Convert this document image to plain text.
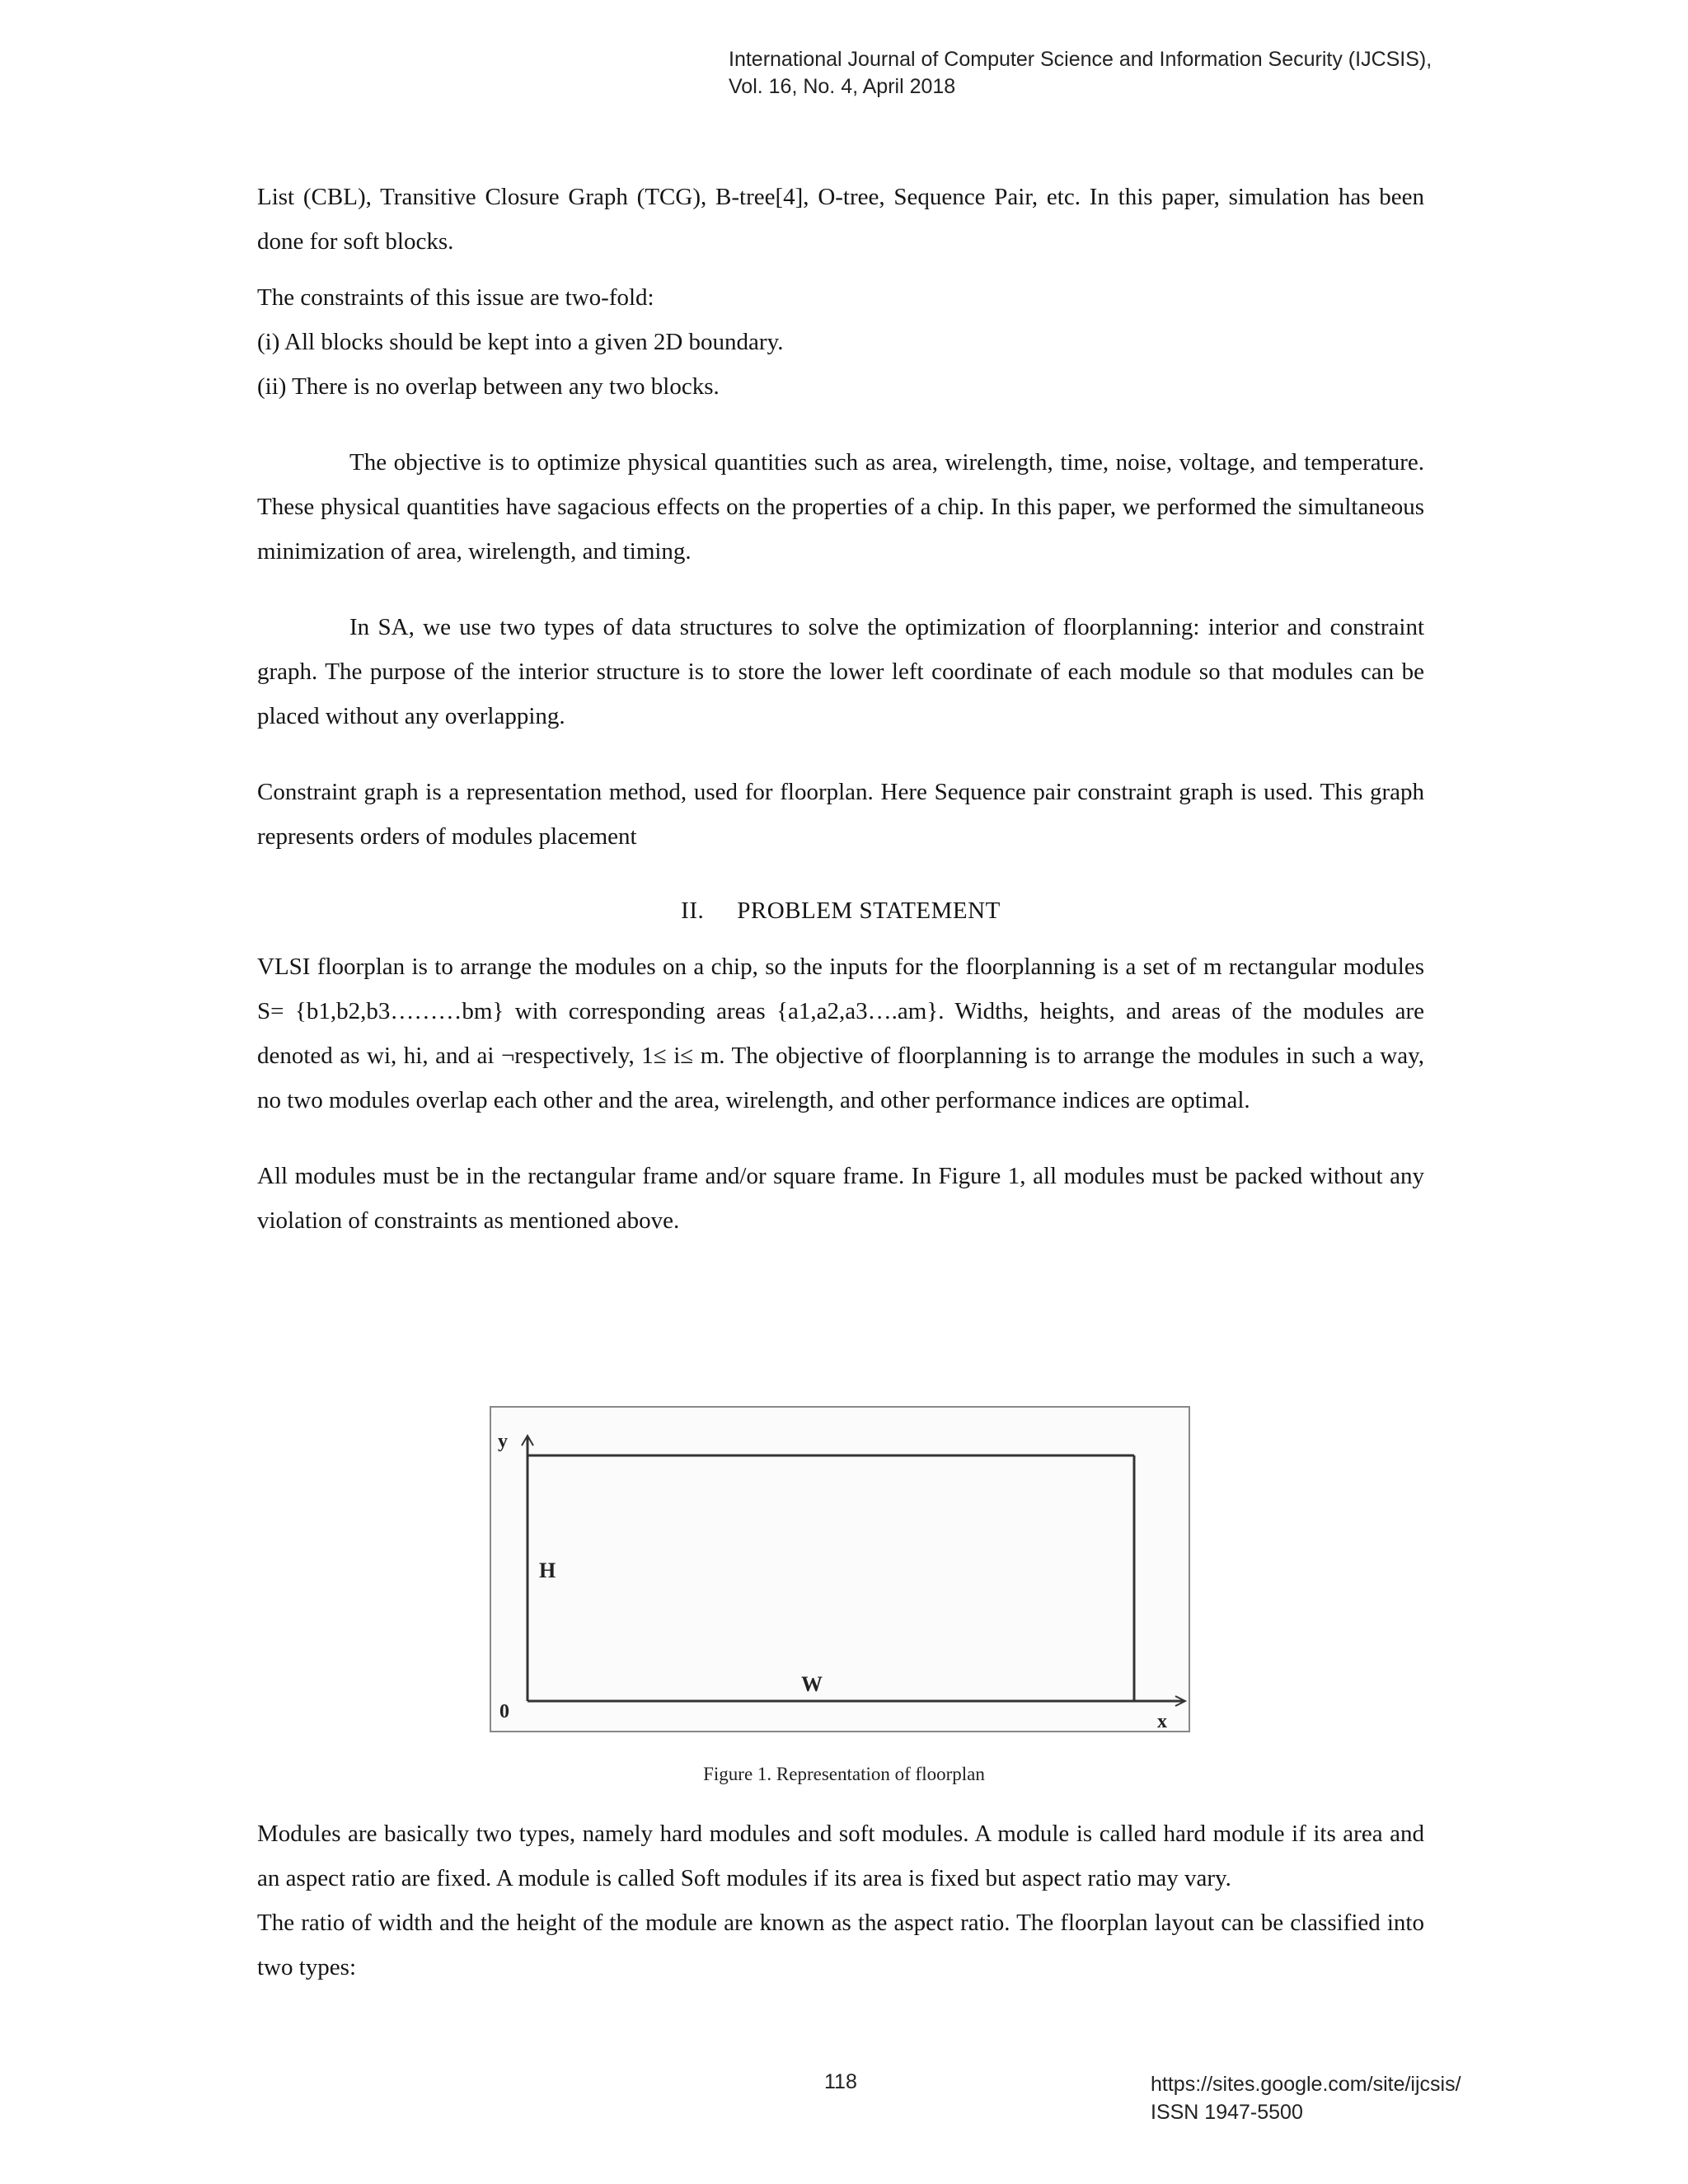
International Journal of Computer Science and Information Security (IJCSIS),
Vol. 16, No. 4, April 2018

List (CBL), Transitive Closure Graph (TCG), B-tree[4], O-tree, Sequence Pair, etc. In this paper, simulation has been done for soft blocks.

The constraints of this issue are two-fold:

(i) All blocks should be kept into a given 2D boundary.

(ii) There is no overlap between any two blocks.

The objective is to optimize physical quantities such as area, wirelength, time, noise, voltage, and temperature. These physical quantities have sagacious effects on the properties of a chip. In this paper, we performed the simultaneous minimization of area, wirelength, and timing.

In SA, we use two types of data structures to solve the optimization of floorplanning: interior and constraint graph. The purpose of the interior structure is to store the lower left coordinate of each module so that modules can be placed without any overlapping.

Constraint graph is a representation method, used for floorplan. Here Sequence pair constraint graph is used. This graph represents orders of modules placement

II. PROBLEM STATEMENT

VLSI floorplan is to arrange the modules on a chip, so the inputs for the floorplanning is a set of m rectangular modules S= {b1,b2,b3………bm} with corresponding areas {a1,a2,a3….am}. Widths, heights, and areas of the modules are denoted as wi, hi, and ai ¬respectively, 1≤ i≤ m. The objective of floorplanning is to arrange the modules in such a way, no two modules overlap each other and the area, wirelength, and other performance indices are optimal.

All modules must be in the rectangular frame and/or square frame. In Figure 1, all modules must be packed without any violation of constraints as mentioned above.

y
0
H
W
x
Figure 1. Representation of floorplan

Modules are basically two types, namely hard modules and soft modules. A module is called hard module if its area and an aspect ratio are fixed. A module is called Soft modules if its area is fixed but aspect ratio may vary.

The ratio of width and the height of the module are known as the aspect ratio. The floorplan layout can be classified into two types:

118	https://sites.google.com/site/ijcsis/
ISSN 1947-5500
